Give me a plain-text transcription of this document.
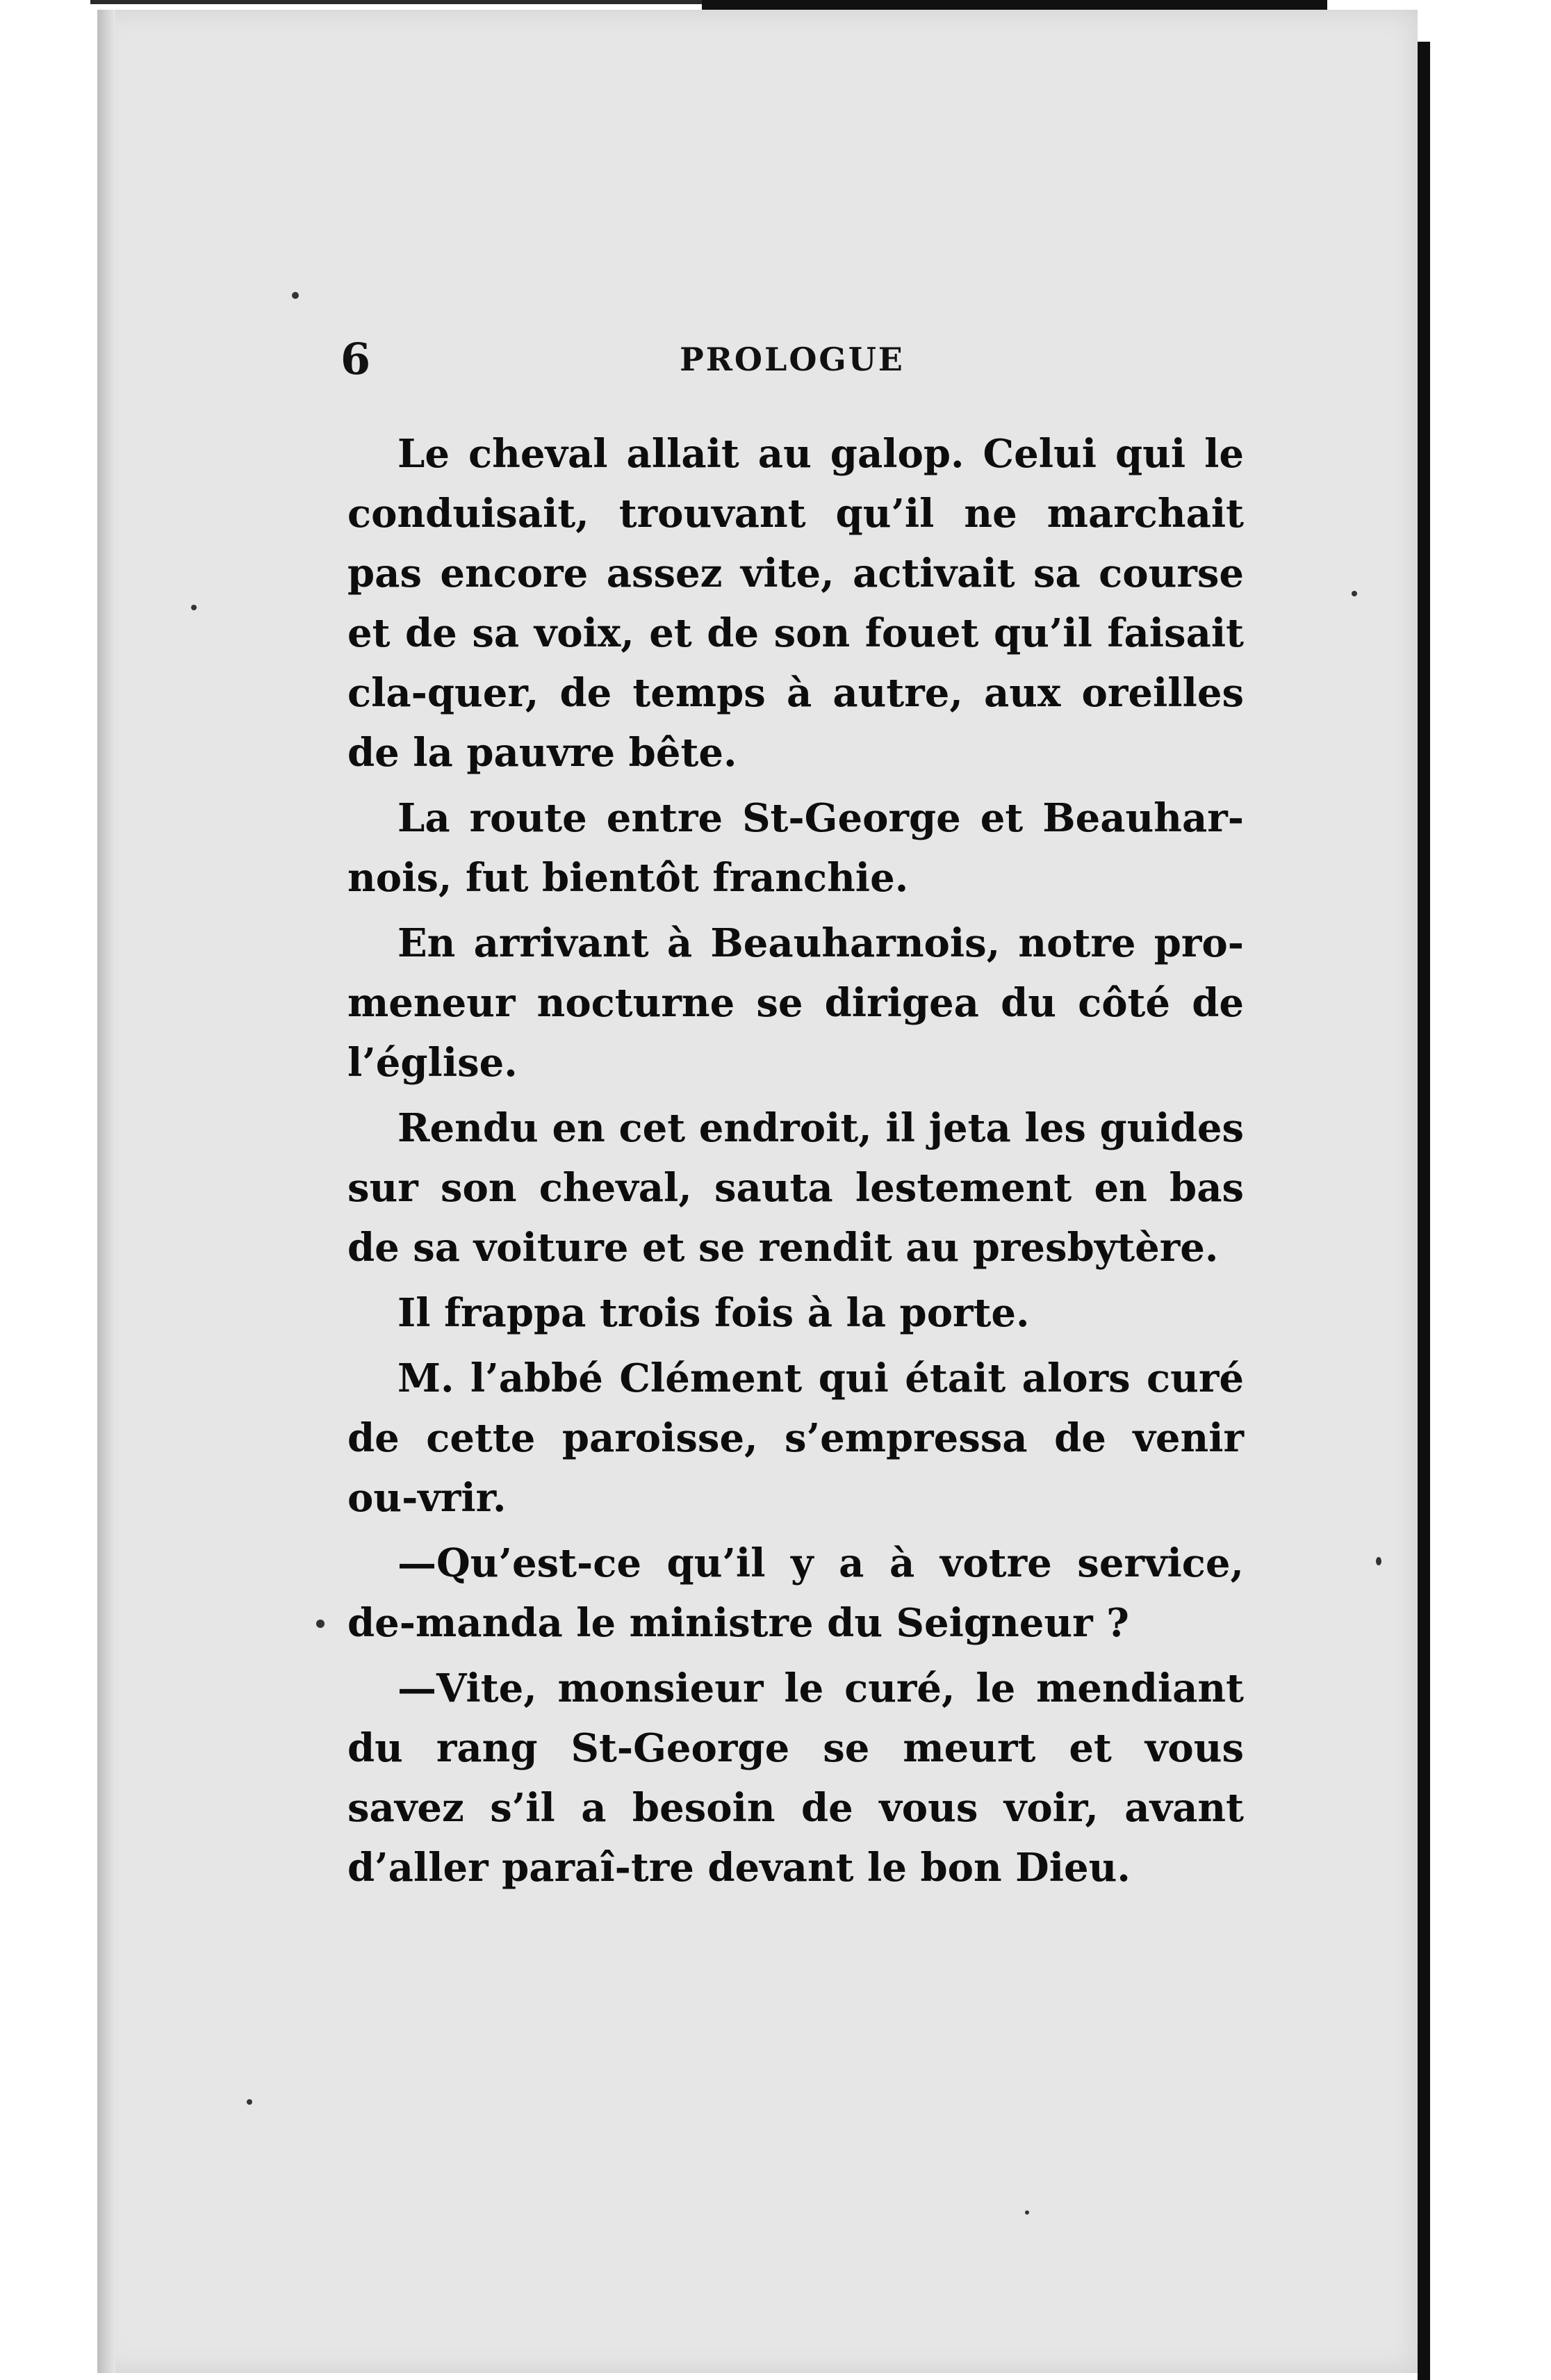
6	PROLOGUE

Le cheval allait au galop. Celui qui le conduisait, trouvant qu’il ne marchait pas encore assez vite, activait sa course et de sa voix, et de son fouet qu’il faisait cla-quer, de temps à autre, aux oreilles de la pauvre bête.

La route entre St-George et Beauhar-nois, fut bientôt franchie.

En arrivant à Beauharnois, notre pro-meneur nocturne se dirigea du côté de l’église.

Rendu en cet endroit, il jeta les guides sur son cheval, sauta lestement en bas de sa voiture et se rendit au presbytère.

Il frappa trois fois à la porte.

M. l’abbé Clément qui était alors curé de cette paroisse, s’empressa de venir ou-vrir.

—Qu’est-ce qu’il y a à votre service, de-manda le ministre du Seigneur ?

—Vite, monsieur le curé, le mendiant du rang St-George se meurt et vous savez s’il a besoin de vous voir, avant d’aller paraî-tre devant le bon Dieu.
